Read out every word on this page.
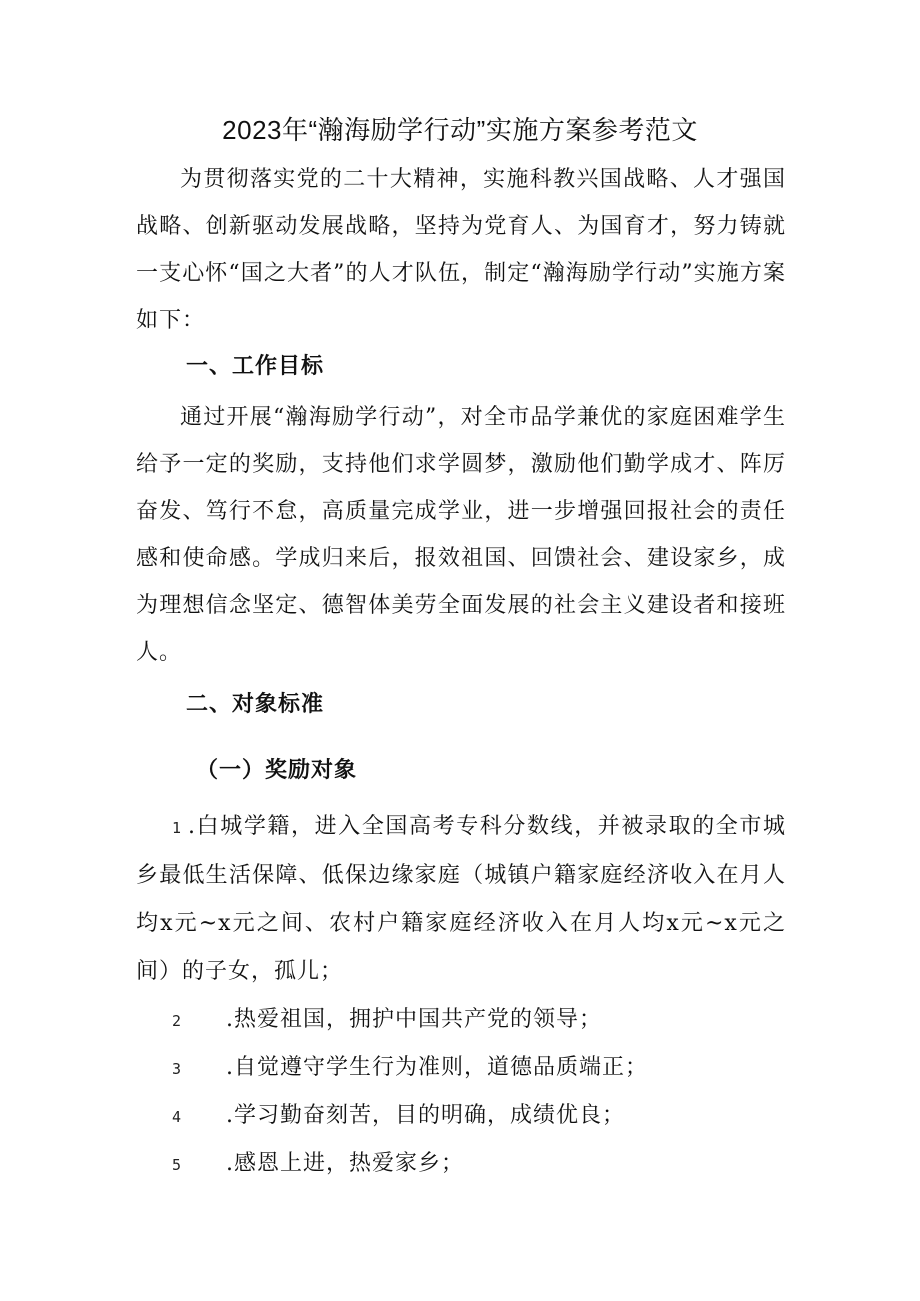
2023年“瀚海励学行动”实施方案参考范文

为贯彻落实党的二十大精神，实施科教兴国战略、人才强国战略、创新驱动发展战略，坚持为党育人、为国育才，努力铸就一支心怀“国之大者”的人才队伍，制定“瀚海励学行动”实施方案如下：

一、工作目标

通过开展“瀚海励学行动”，对全市品学兼优的家庭困难学生给予一定的奖励，支持他们求学圆梦，激励他们勤学成才、阵厉奋发、笃行不怠，高质量完成学业，进一步增强回报社会的责任感和使命感。学成归来后，报效祖国、回馈社会、建设家乡，成为理想信念坚定、德智体美劳全面发展的社会主义建设者和接班人。

二、对象标准
（一）奖励对象

1 .白城学籍，进入全国高考专科分数线，并被录取的全市城乡最低生活保障、低保边缘家庭（城镇户籍家庭经济收入在月人均x元~x元之间、农村户籍家庭经济收入在月人均x元~x元之间）的子女，孤儿；

2 .热爱祖国，拥护中国共产党的领导；
3 .自觉遵守学生行为准则，道德品质端正；
4 .学习勤奋刻苦，目的明确，成绩优良；
5 .感恩上进，热爱家乡；
